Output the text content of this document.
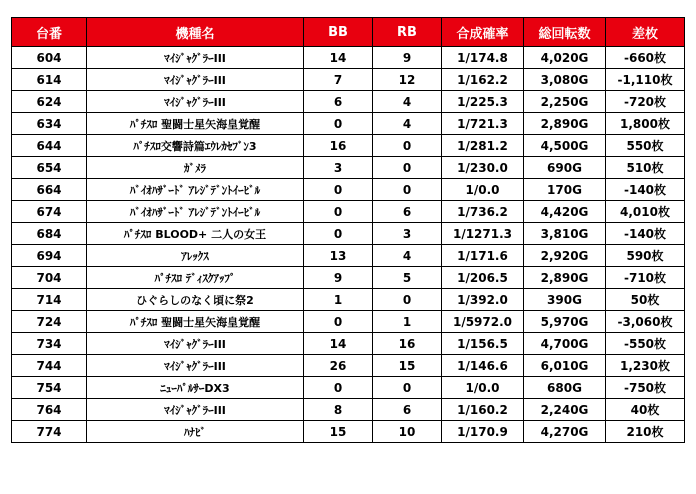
台番	機種名	BB	RB	合成確率	総回転数	差枚
604	ﾏｲｼﾞｬｸﾞﾗｰIII	14	9	1/174.8	4,020G	-660枚
614	ﾏｲｼﾞｬｸﾞﾗｰIII	7	12	1/162.2	3,080G	-1,110枚
624	ﾏｲｼﾞｬｸﾞﾗｰIII	6	4	1/225.3	2,250G	-720枚
634	ﾊﾟﾁｽﾛ 聖闘士星矢海皇覚醒	0	4	1/721.3	2,890G	1,800枚
644	ﾊﾟﾁｽﾛ交響詩篇ｴｳﾚｶｾﾌﾞﾝ3	16	0	1/281.2	4,500G	550枚
654	ｶﾞﾒﾗ	3	0	1/230.0	690G	510枚
664	ﾊﾞｲｵﾊｻﾞｰﾄﾞ ｱﾚｼﾞﾃﾞﾝﾄｲｰﾋﾞﾙ	0	0	1/0.0	170G	-140枚
674	ﾊﾞｲｵﾊｻﾞｰﾄﾞ ｱﾚｼﾞﾃﾞﾝﾄｲｰﾋﾞﾙ	0	6	1/736.2	4,420G	4,010枚
684	ﾊﾟﾁｽﾛ BLOOD+ 二人の女王	0	3	1/1271.3	3,810G	-140枚
694	ｱﾚｯｸｽ	13	4	1/171.6	2,920G	590枚
704	ﾊﾟﾁｽﾛ ﾃﾞｨｽｸｱｯﾌﾟ	9	5	1/206.5	2,890G	-710枚
714	ひぐらしのなく頃に祭2	1	0	1/392.0	390G	50枚
724	ﾊﾟﾁｽﾛ 聖闘士星矢海皇覚醒	0	1	1/5972.0	5,970G	-3,060枚
734	ﾏｲｼﾞｬｸﾞﾗｰIII	14	16	1/156.5	4,700G	-550枚
744	ﾏｲｼﾞｬｸﾞﾗｰIII	26	15	1/146.6	6,010G	1,230枚
754	ﾆｭｰﾊﾟﾙｻｰDX3	0	0	1/0.0	680G	-750枚
764	ﾏｲｼﾞｬｸﾞﾗｰIII	8	6	1/160.2	2,240G	40枚
774	ﾊﾅﾋﾞ	15	10	1/170.9	4,270G	210枚
